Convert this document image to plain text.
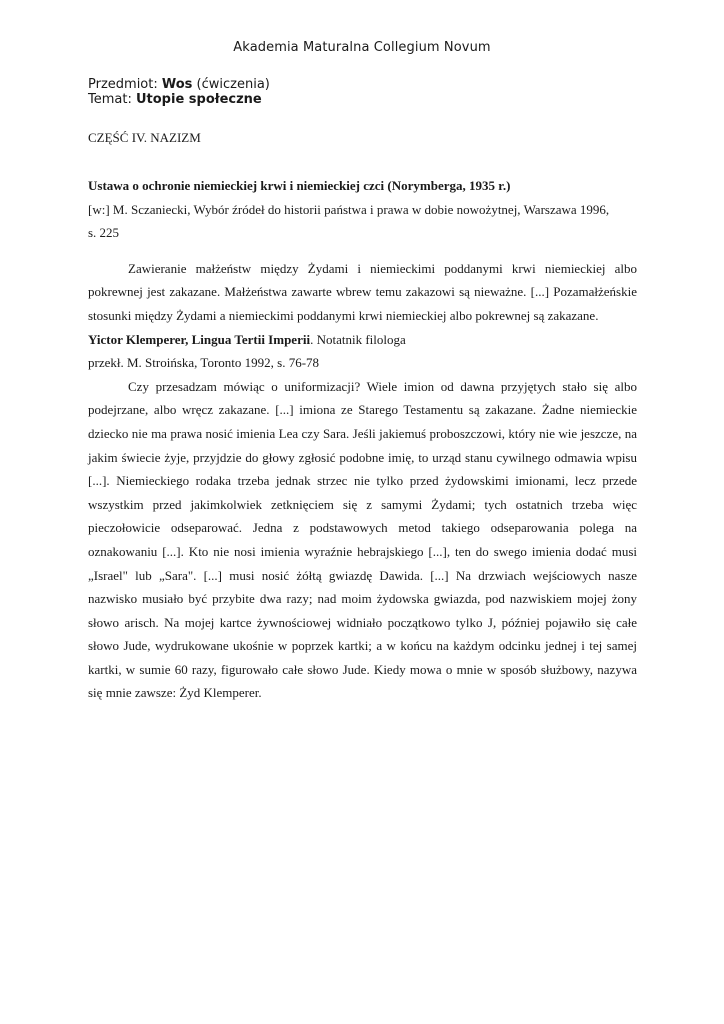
Akademia Maturalna Collegium Novum
Przedmiot: Wos (ćwiczenia)
Temat: Utopie społeczne
CZĘŚĆ IV. NAZIZM

Ustawa o ochronie niemieckiej krwi i niemieckiej czci (Norymberga, 1935 r.)

[w:] M. Sczaniecki, Wybór źródeł do historii państwa i prawa w dobie nowożytnej, Warszawa 1996,

s. 225

Zawieranie małżeństw między Żydami i niemieckimi poddanymi krwi niemieckiej albo pokrewnej jest zakazane. Małżeństwa zawarte wbrew temu zakazowi są nieważne. [...] Pozamałżeńskie stosunki między Żydami a niemieckimi poddanymi krwi niemieckiej albo pokrewnej są zakazane.

Yictor Klemperer, Lingua Tertii Imperii. Notatnik filologa

przekł. M. Stroińska, Toronto 1992, s. 76-78

Czy przesadzam mówiąc o uniformizacji? Wiele imion od dawna przyjętych stało się albo podejrzane, albo wręcz zakazane. [...] imiona ze Starego Testamentu są zakazane. Żadne niemieckie dziecko nie ma prawa nosić imienia Lea czy Sara. Jeśli jakiemuś proboszczowi, który nie wie jeszcze, na jakim świecie żyje, przyjdzie do głowy zgłosić podobne imię, to urząd stanu cywilnego odmawia wpisu [...]. Niemieckiego rodaka trzeba jednak strzec nie tylko przed żydowskimi imionami, lecz przede wszystkim przed jakimkolwiek zetknięciem się z samymi Żydami; tych ostatnich trzeba więc pieczołowicie odseparować. Jedna z podstawowych metod takiego odseparowania polega na oznakowaniu [...]. Kto nie nosi imienia wyraźnie hebrajskiego [...], ten do swego imienia dodać musi „Israel" lub „Sara". [...] musi nosić żółtą gwiazdę Dawida. [...] Na drzwiach wejściowych nasze nazwisko musiało być przybite dwa razy; nad moim żydowska gwiazda, pod nazwiskiem mojej żony słowo arisch. Na mojej kartce żywnościowej widniało początkowo tylko J, później pojawiło się całe słowo Jude, wydrukowane ukośnie w poprzek kartki; a w końcu na każdym odcinku jednej i tej samej kartki, w sumie 60 razy, figurowało całe słowo Jude. Kiedy mowa o mnie w sposób służbowy, nazywa się mnie zawsze: Żyd Klemperer.
